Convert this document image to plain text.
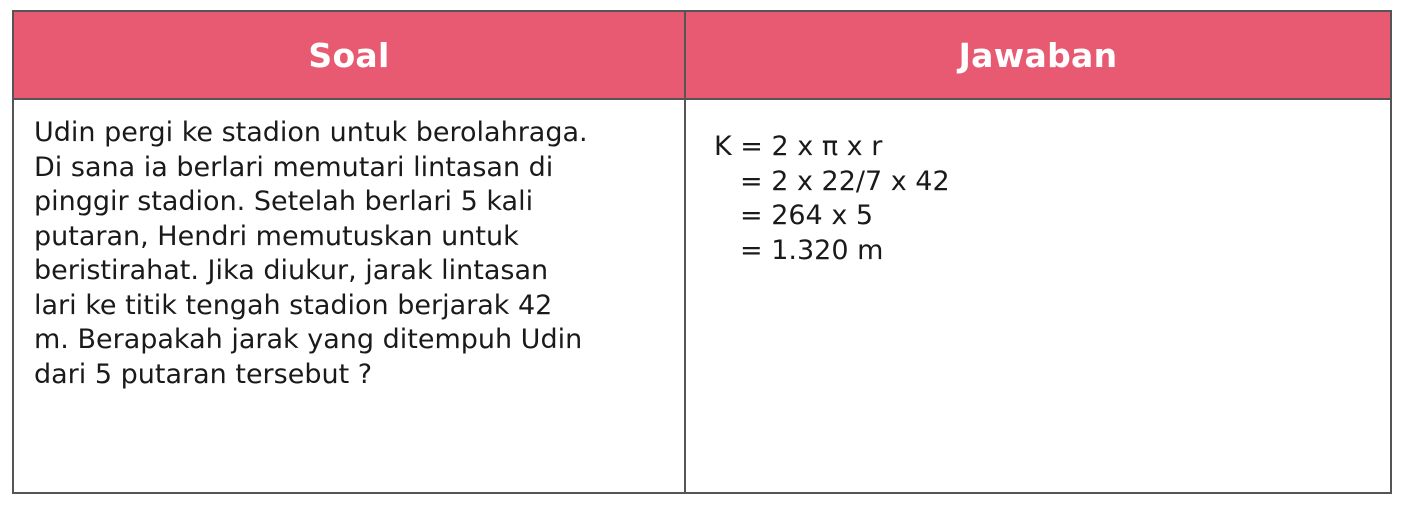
Soal	Jawaban
Udin pergi ke stadion untuk berolahraga.
Di sana ia berlari memutari lintasan di
pinggir stadion. Setelah berlari 5 kali
putaran, Hendri memutuskan untuk
beristirahat. Jika diukur, jarak lintasan
lari ke titik tengah stadion berjarak 42
m. Berapakah jarak yang ditempuh Udin
dari 5 putaran tersebut ?
K = 2 x π x r
= 2 x 22/7 x 42
= 264 x 5
= 1.320 m
